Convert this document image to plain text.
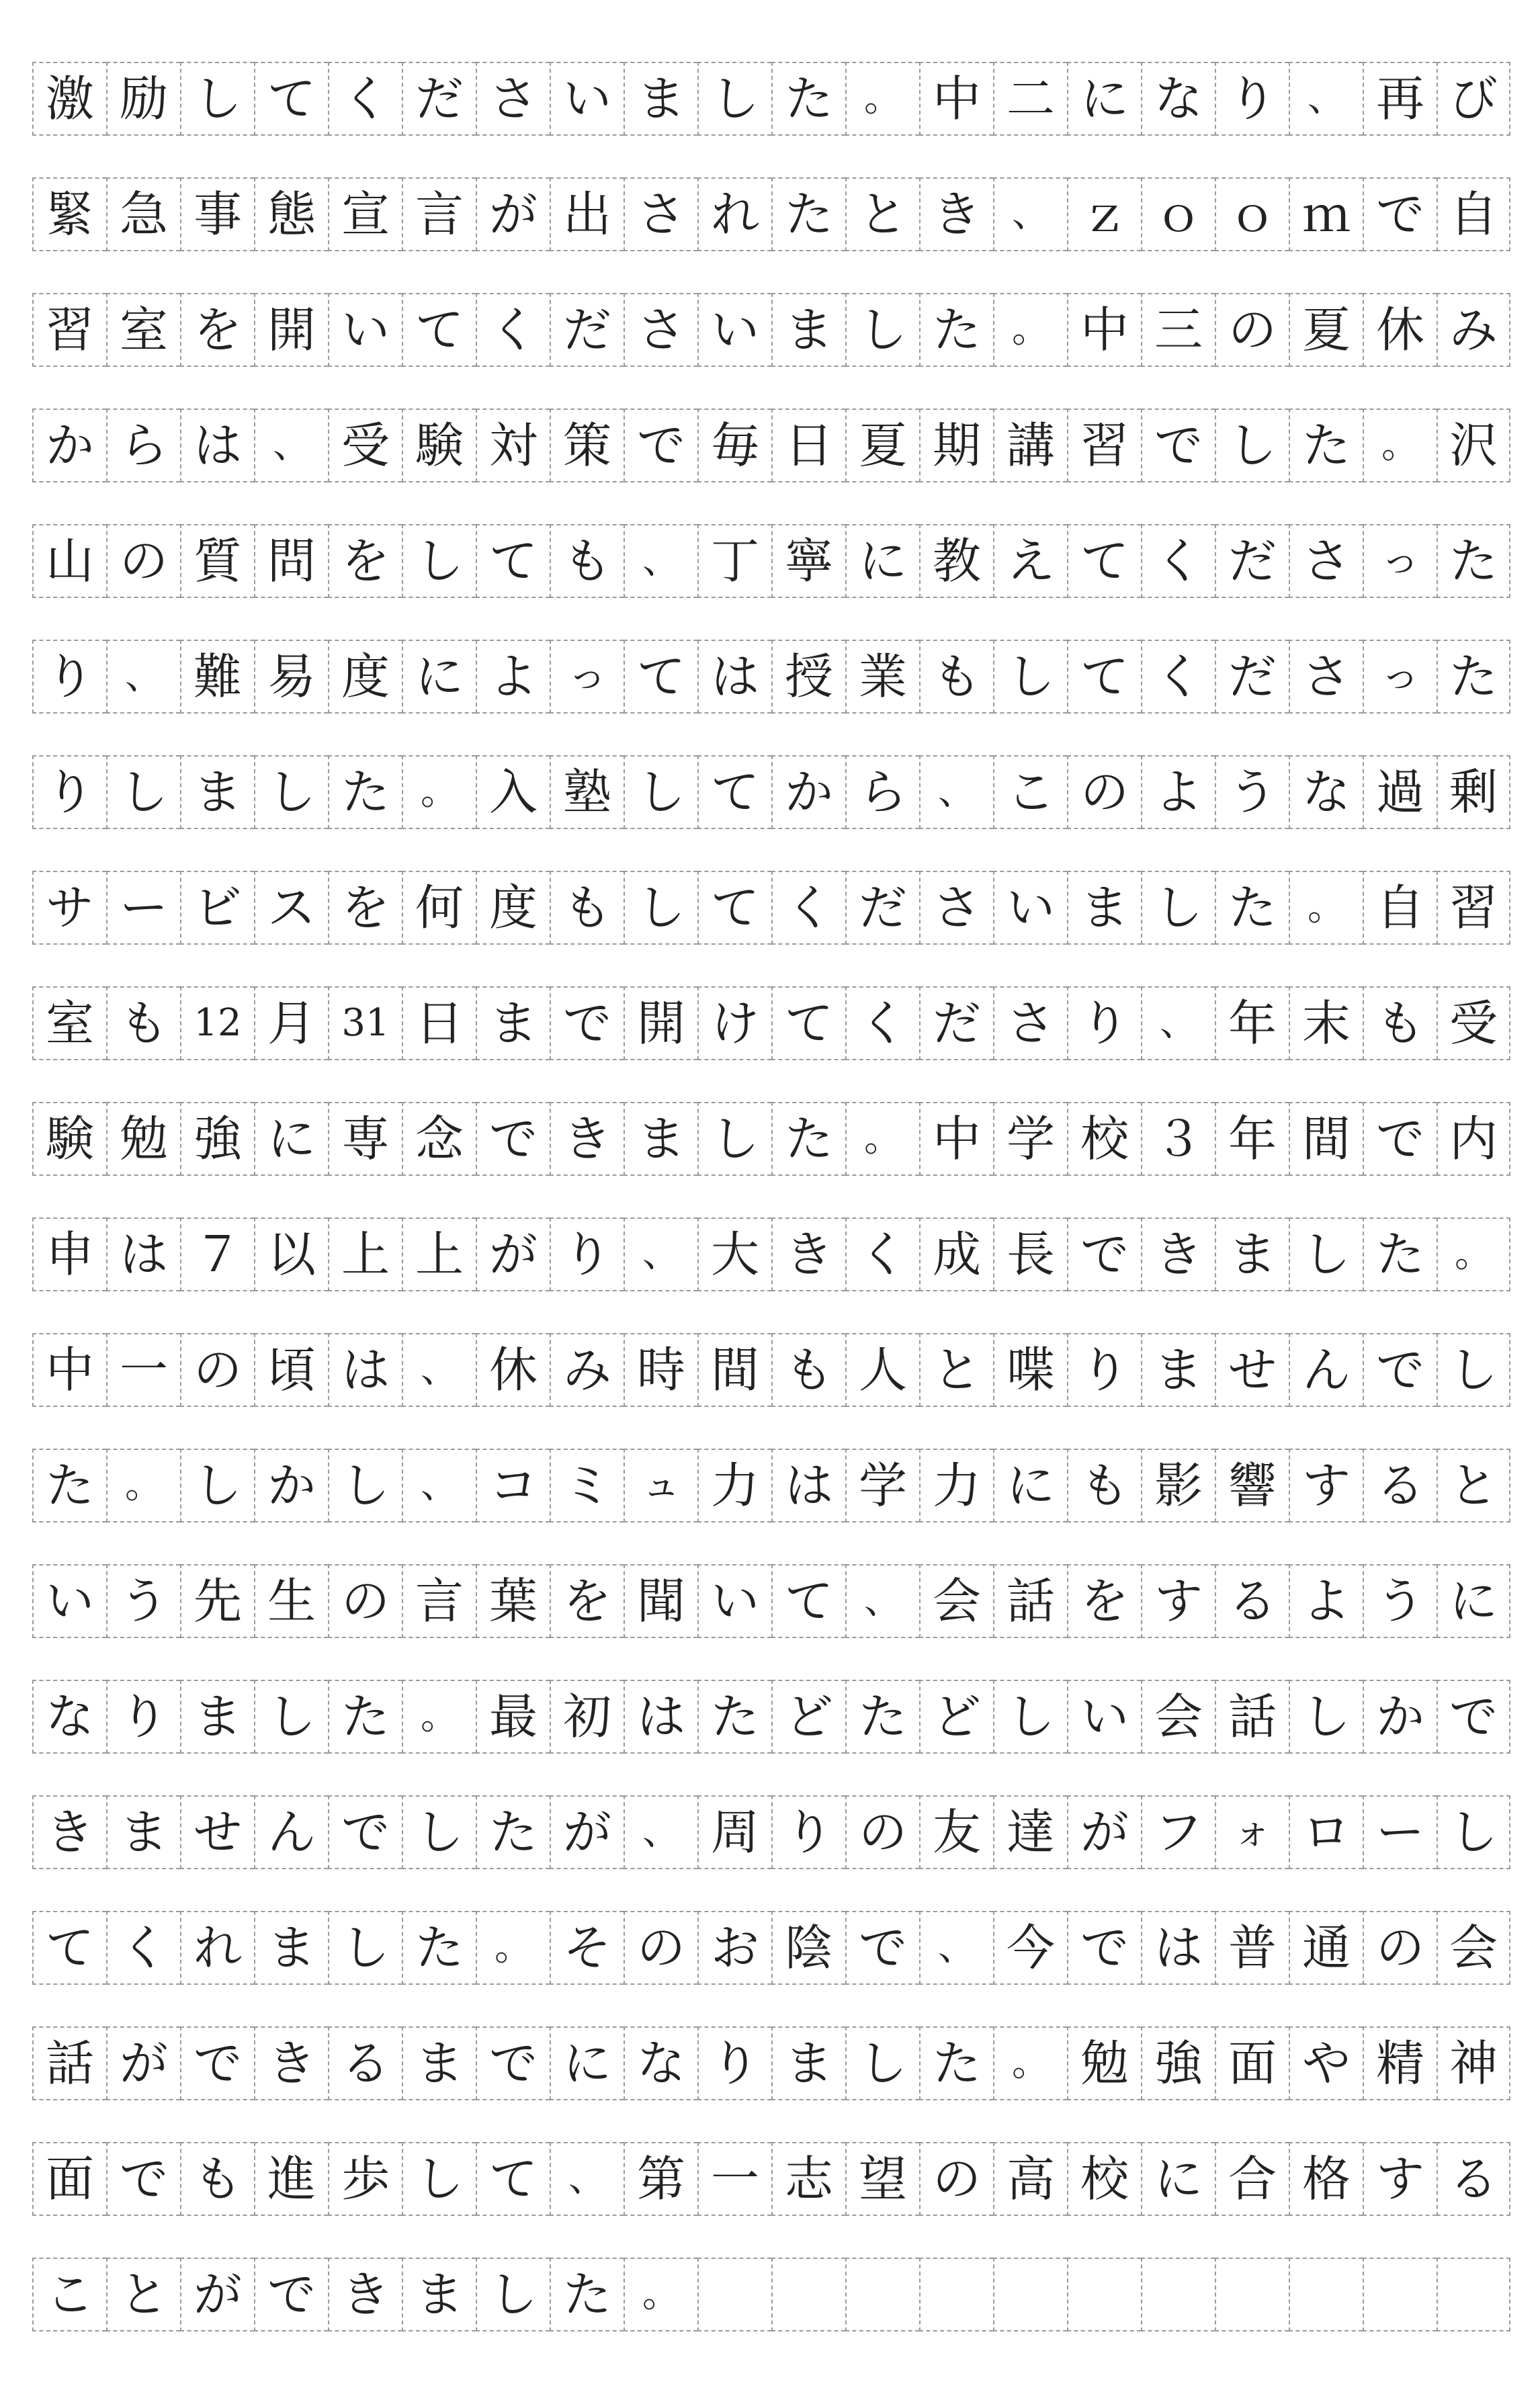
激 励 し て く だ さ い ま し た 。 中 二 に な り 、 再 び
緊 急 事 態 宣 言 が 出 さ れ た と き 、 ｚ ｏ ｏ ｍ で 自
習 室 を 開 い て く だ さ い ま し た 。 中 三 の 夏 休 み
か ら は 、 受 験 対 策 で 毎 日 夏 期 講 習 で し た 。 沢
山 の 質 問 を し て も 、 丁 寧 に 教 え て く だ さ っ た
り 、 難 易 度 に よ っ て は 授 業 も し て く だ さ っ た
り し ま し た 。 入 塾 し て か ら 、 こ の よ う な 過 剰
サ ー ビ ス を 何 度 も し て く だ さ い ま し た 。 自 習
室 も 12 月 31 日 ま で 開 け て く だ さ り 、 年 末 も 受
験 勉 強 に 専 念 で き ま し た 。 中 学 校 ３ 年 間 で 内
申 は ７ 以 上 上 が り 、 大 き く 成 長 で き ま し た 。
中 一 の 頃 は 、 休 み 時 間 も 人 と 喋 り ま せ ん で し
た 。 し か し 、 コ ミ ュ 力 は 学 力 に も 影 響 す る と
い う 先 生 の 言 葉 を 聞 い て 、 会 話 を す る よ う に
な り ま し た 。 最 初 は た ど た ど し い 会 話 し か で
き ま せ ん で し た が 、 周 り の 友 達 が フ ォ ロ ー し
て く れ ま し た 。 そ の お 陰 で 、 今 で は 普 通 の 会
話 が で き る ま で に な り ま し た 。 勉 強 面 や 精 神
面 で も 進 歩 し て 、 第 一 志 望 の 高 校 に 合 格 す る
こ と が で き ま し た 。
